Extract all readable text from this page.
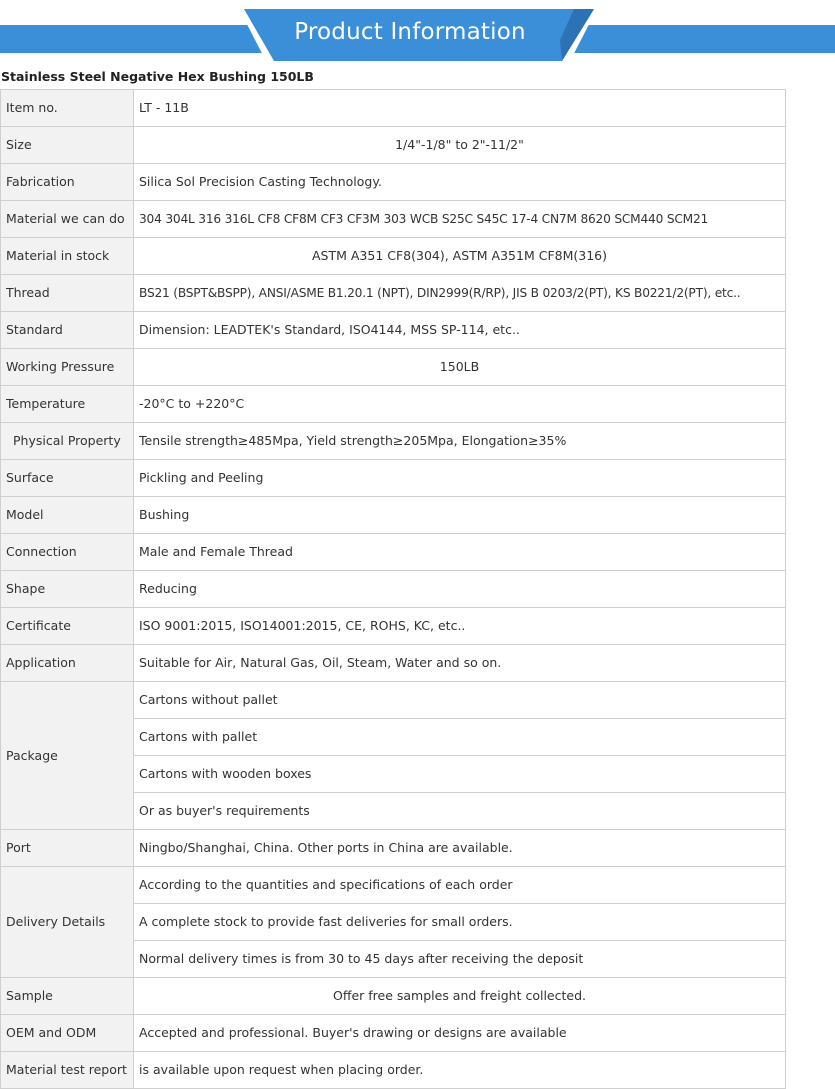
Product Information
Stainless Steel Negative Hex Bushing 150LB
Item no.	LT - 11B
Size	1/4"-1/8" to 2"-11/2"
Fabrication	Silica Sol Precision Casting Technology.
Material we can do	304 304L 316 316L CF8 CF8M CF3 CF3M 303 WCB S25C S45C 17-4 CN7M 8620 SCM440 SCM21
Material in stock	ASTM A351 CF8(304), ASTM A351M CF8M(316)
Thread	BS21 (BSPT&BSPP), ANSI/ASME B1.20.1 (NPT), DIN2999(R/RP), JIS B 0203/2(PT), KS B0221/2(PT), etc..
Standard	Dimension: LEADTEK's Standard, ISO4144, MSS SP-114, etc..
Working Pressure	150LB
Temperature	-20°C to +220°C
Physical Property	Tensile strength≥485Mpa, Yield strength≥205Mpa, Elongation≥35%
Surface	Pickling and Peeling
Model	Bushing
Connection	Male and Female Thread
Shape	Reducing
Certificate	ISO 9001:2015, ISO14001:2015, CE, ROHS, KC, etc..
Application	Suitable for Air, Natural Gas, Oil, Steam, Water and so on.
Package	Cartons without pallet
	Cartons with pallet
	Cartons with wooden boxes
	Or as buyer's requirements
Port	Ningbo/Shanghai, China. Other ports in China are available.
Delivery Details	According to the quantities and specifications of each order
	A complete stock to provide fast deliveries for small orders.
	Normal delivery times is from 30 to 45 days after receiving the deposit
Sample	Offer free samples and freight collected.
OEM and ODM	Accepted and professional. Buyer's drawing or designs are available
Material test report	is available upon request when placing order.
